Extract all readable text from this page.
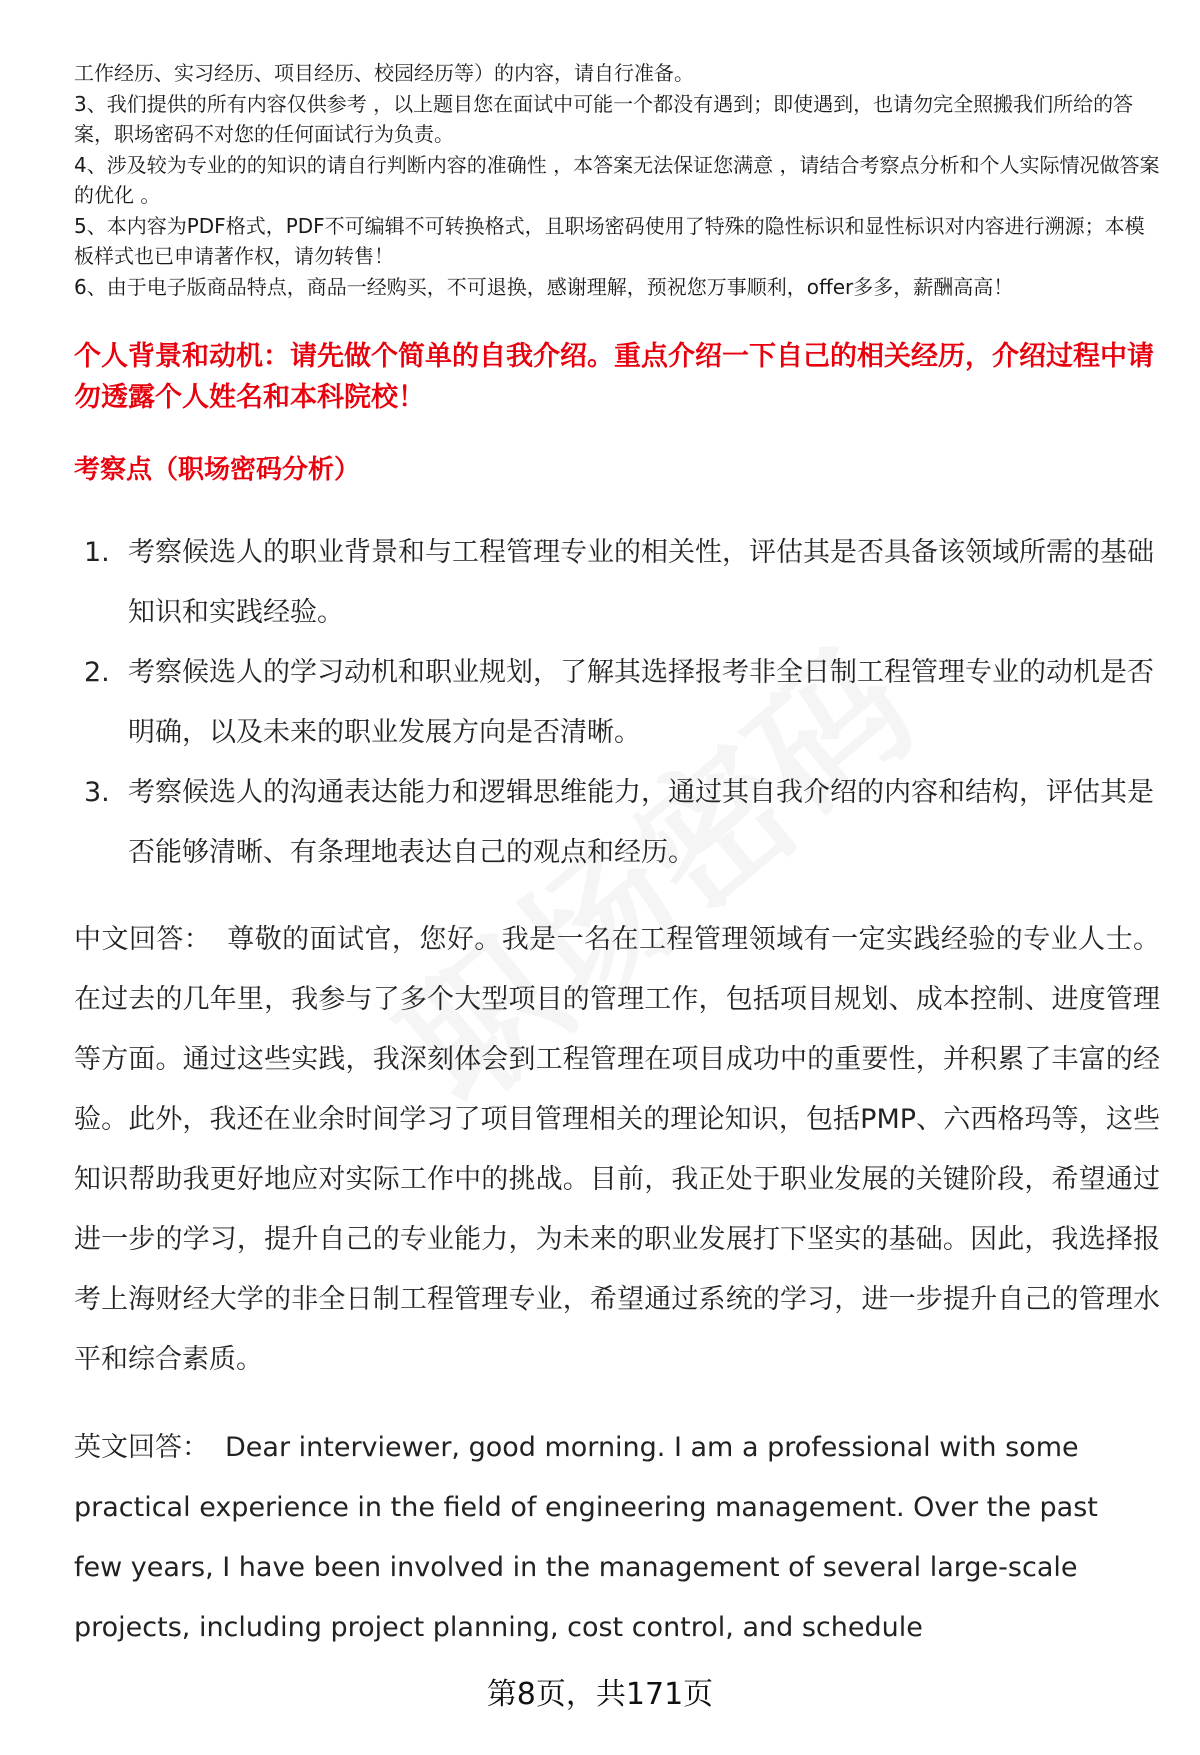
工作经历、实习经历、项目经历、校园经历等）的内容，请自行准备。

3、我们提供的所有内容仅供参考 ，以上题目您在面试中可能一个都没有遇到；即使遇到，也请勿完全照搬我们所给的答案，职场密码不对您的任何面试行为负责。

4、涉及较为专业的的知识的请自行判断内容的准确性 ，本答案无法保证您满意 ，请结合考察点分析和个人实际情况做答案的优化 。

5、本内容为PDF格式，PDF不可编辑不可转换格式，且职场密码使用了特殊的隐性标识和显性标识对内容进行溯源；本模板样式也已申请著作权，请勿转售！

6、由于电子版商品特点，商品一经购买，不可退换，感谢理解，预祝您万事顺利，offer多多，薪酬高高！

个人背景和动机：请先做个简单的自我介绍。重点介绍一下自己的相关经历，介绍过程中请勿透露个人姓名和本科院校！

考察点（职场密码分析）

1. 考察候选人的职业背景和与工程管理专业的相关性，评估其是否具备该领域所需的基础知识和实践经验。
2. 考察候选人的学习动机和职业规划，了解其选择报考非全日制工程管理专业的动机是否明确，以及未来的职业发展方向是否清晰。
3. 考察候选人的沟通表达能力和逻辑思维能力，通过其自我介绍的内容和结构，评估其是否能够清晰、有条理地表达自己的观点和经历。

中文回答： 尊敬的面试官，您好。我是一名在工程管理领域有一定实践经验的专业人士。在过去的几年里，我参与了多个大型项目的管理工作，包括项目规划、成本控制、进度管理等方面。通过这些实践，我深刻体会到工程管理在项目成功中的重要性，并积累了丰富的经验。此外，我还在业余时间学习了项目管理相关的理论知识，包括PMP、六西格玛等，这些知识帮助我更好地应对实际工作中的挑战。目前，我正处于职业发展的关键阶段，希望通过进一步的学习，提升自己的专业能力，为未来的职业发展打下坚实的基础。因此，我选择报考上海财经大学的非全日制工程管理专业，希望通过系统的学习，进一步提升自己的管理水平和综合素质。

英文回答： Dear interviewer, good morning. I am a professional with some practical experience in the field of engineering management. Over the past few years, I have been involved in the management of several large-scale projects, including project planning, cost control, and schedule

第8页，共171页
